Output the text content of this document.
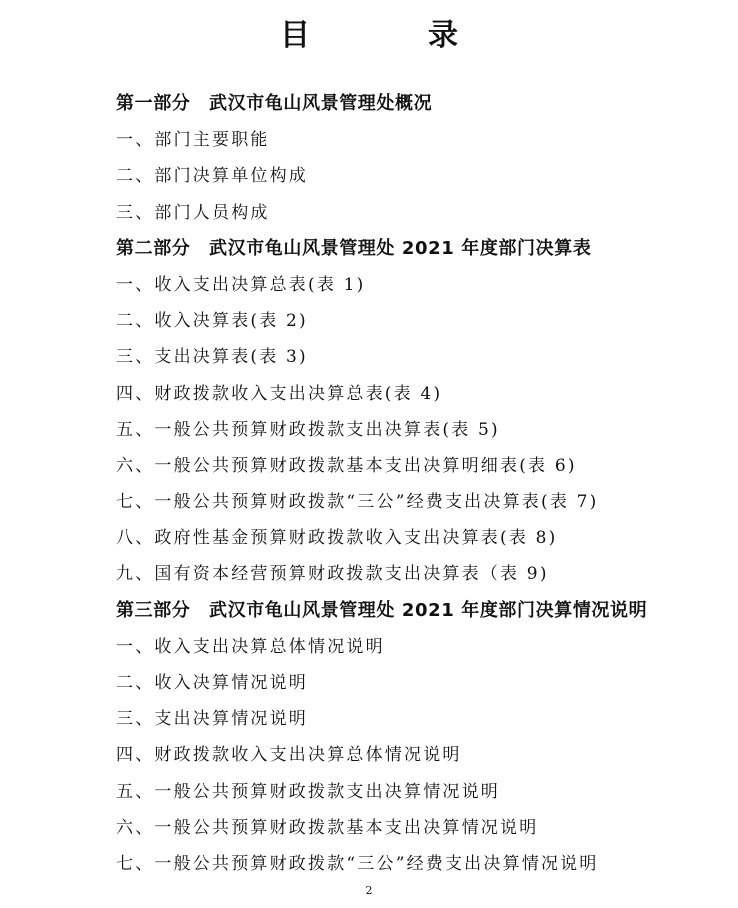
目　录
第一部分　武汉市龟山风景管理处概况
一、部门主要职能
二、部门决算单位构成
三、部门人员构成
第二部分　武汉市龟山风景管理处 2021 年度部门决算表
一、收入支出决算总表(表 1)
二、收入决算表(表 2)
三、支出决算表(表 3)
四、财政拨款收入支出决算总表(表 4)
五、一般公共预算财政拨款支出决算表(表 5)
六、一般公共预算财政拨款基本支出决算明细表(表 6)
七、一般公共预算财政拨款“三公”经费支出决算表(表 7)
八、政府性基金预算财政拨款收入支出决算表(表 8)
九、国有资本经营预算财政拨款支出决算表（表 9)
第三部分　武汉市龟山风景管理处 2021 年度部门决算情况说明
一、收入支出决算总体情况说明
二、收入决算情况说明
三、支出决算情况说明
四、财政拨款收入支出决算总体情况说明
五、一般公共预算财政拨款支出决算情况说明
六、一般公共预算财政拨款基本支出决算情况说明
七、一般公共预算财政拨款“三公”经费支出决算情况说明
2
